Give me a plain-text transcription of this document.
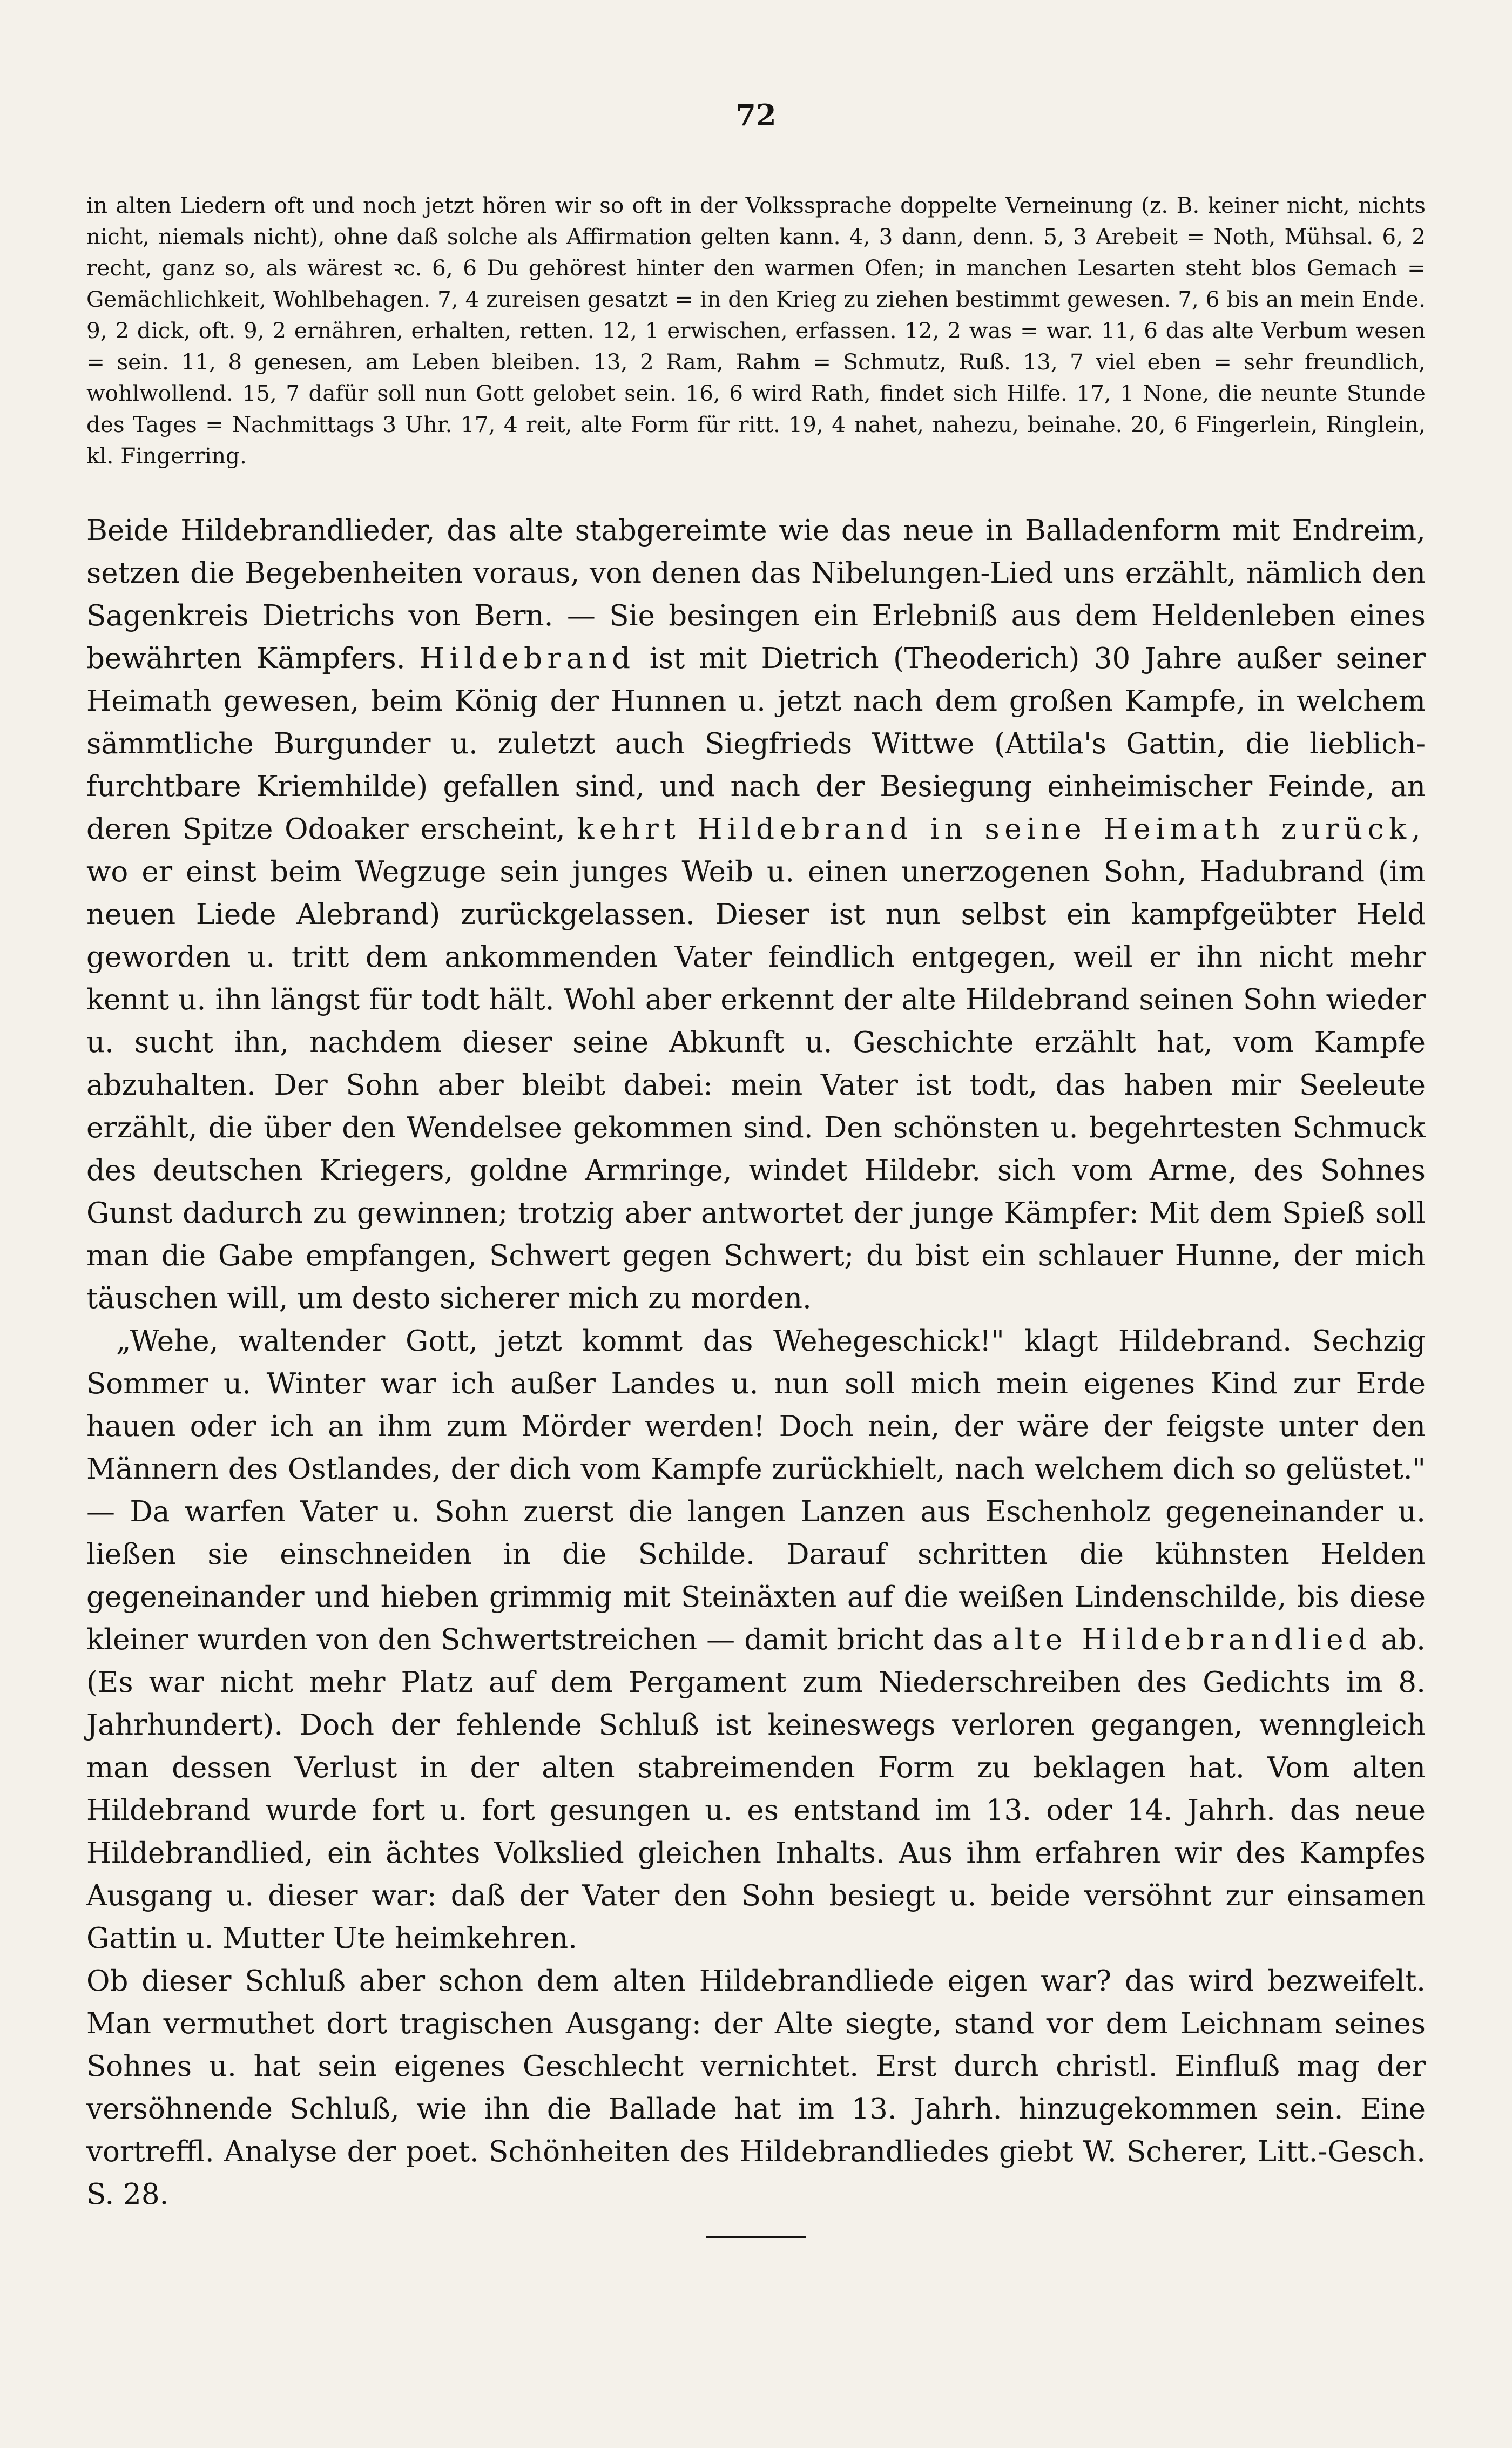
72
in alten Liedern oft und noch jetzt hören wir so oft in der Volkssprache doppelte Verneinung (z. B. keiner nicht, nichts nicht, niemals nicht), ohne daß solche als Affirmation gelten kann. 4, 3 dann, denn. 5, 3 Arebeit = Noth, Mühsal. 6, 2 recht, ganz so, als wärest ꝛc. 6, 6 Du gehörest hinter den warmen Ofen; in manchen Lesarten steht blos Gemach = Gemächlichkeit, Wohlbehagen. 7, 4 zureisen gesatzt = in den Krieg zu ziehen bestimmt gewesen. 7, 6 bis an mein Ende. 9, 2 dick, oft. 9, 2 ernähren, erhalten, retten. 12, 1 erwischen, erfassen. 12, 2 was = war. 11, 6 das alte Verbum wesen = sein. 11, 8 genesen, am Leben bleiben. 13, 2 Ram, Rahm = Schmutz, Ruß. 13, 7 viel eben = sehr freundlich, wohlwollend. 15, 7 dafür soll nun Gott gelobet sein. 16, 6 wird Rath, findet sich Hilfe. 17, 1 None, die neunte Stunde des Tages = Nachmittags 3 Uhr. 17, 4 reit, alte Form für ritt. 19, 4 nahet, nahezu, beinahe. 20, 6 Fingerlein, Ringlein, kl. Fingerring.

Beide Hildebrandlieder, das alte stabgereimte wie das neue in Balladenform mit Endreim, setzen die Begebenheiten voraus, von denen das Nibelungen-Lied uns erzählt, nämlich den Sagenkreis Dietrichs von Bern. — Sie besingen ein Erlebniß aus dem Heldenleben eines bewährten Kämpfers. Hildebrand ist mit Dietrich (Theoderich) 30 Jahre außer seiner Heimath gewesen, beim König der Hunnen u. jetzt nach dem großen Kampfe, in welchem sämmtliche Burgunder u. zuletzt auch Siegfrieds Wittwe (Attila's Gattin, die lieblich-furchtbare Kriemhilde) gefallen sind, und nach der Besiegung einheimischer Feinde, an deren Spitze Odoaker erscheint, kehrt Hildebrand in seine Heimath zurück, wo er einst beim Wegzuge sein junges Weib u. einen unerzogenen Sohn, Hadubrand (im neuen Liede Alebrand) zurückgelassen. Dieser ist nun selbst ein kampfgeübter Held geworden u. tritt dem ankommenden Vater feindlich entgegen, weil er ihn nicht mehr kennt u. ihn längst für todt hält. Wohl aber erkennt der alte Hildebrand seinen Sohn wieder u. sucht ihn, nachdem dieser seine Abkunft u. Geschichte erzählt hat, vom Kampfe abzuhalten. Der Sohn aber bleibt dabei: mein Vater ist todt, das haben mir Seeleute erzählt, die über den Wendelsee gekommen sind. Den schönsten u. begehrtesten Schmuck des deutschen Kriegers, goldne Armringe, windet Hildebr. sich vom Arme, des Sohnes Gunst dadurch zu gewinnen; trotzig aber antwortet der junge Kämpfer: Mit dem Spieß soll man die Gabe empfangen, Schwert gegen Schwert; du bist ein schlauer Hunne, der mich täuschen will, um desto sicherer mich zu morden.

„Wehe, waltender Gott, jetzt kommt das Wehegeschick!" klagt Hildebrand. Sechzig Sommer u. Winter war ich außer Landes u. nun soll mich mein eigenes Kind zur Erde hauen oder ich an ihm zum Mörder werden! Doch nein, der wäre der feigste unter den Männern des Ostlandes, der dich vom Kampfe zurückhielt, nach welchem dich so gelüstet." — Da warfen Vater u. Sohn zuerst die langen Lanzen aus Eschenholz gegeneinander u. ließen sie einschneiden in die Schilde. Darauf schritten die kühnsten Helden gegeneinander und hieben grimmig mit Steinäxten auf die weißen Lindenschilde, bis diese kleiner wurden von den Schwertstreichen — damit bricht das alte Hildebrandlied ab. (Es war nicht mehr Platz auf dem Pergament zum Niederschreiben des Gedichts im 8. Jahrhundert). Doch der fehlende Schluß ist keineswegs verloren gegangen, wenngleich man dessen Verlust in der alten stabreimenden Form zu beklagen hat. Vom alten Hildebrand wurde fort u. fort gesungen u. es entstand im 13. oder 14. Jahrh. das neue Hildebrandlied, ein ächtes Volkslied gleichen Inhalts. Aus ihm erfahren wir des Kampfes Ausgang u. dieser war: daß der Vater den Sohn besiegt u. beide versöhnt zur einsamen Gattin u. Mutter Ute heimkehren.

Ob dieser Schluß aber schon dem alten Hildebrandliede eigen war? das wird bezweifelt. Man vermuthet dort tragischen Ausgang: der Alte siegte, stand vor dem Leichnam seines Sohnes u. hat sein eigenes Geschlecht vernichtet. Erst durch christl. Einfluß mag der versöhnende Schluß, wie ihn die Ballade hat im 13. Jahrh. hinzugekommen sein. Eine vortreffl. Analyse der poet. Schönheiten des Hildebrandliedes giebt W. Scherer, Litt.-Gesch. S. 28.
